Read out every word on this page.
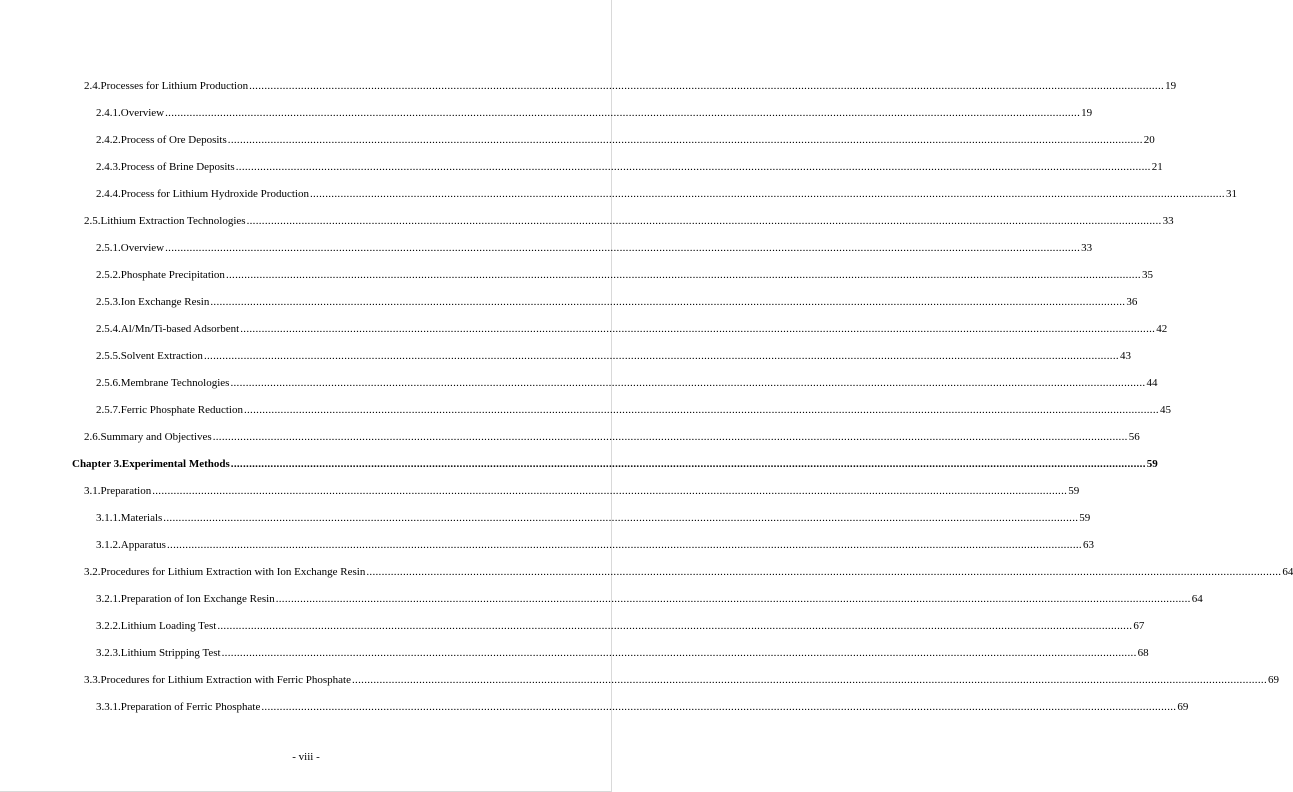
2.4. Processes for Lithium Production ............................................................................................................................................................................................................................................................................................................ 19
2.4.1. Overview ............................................................................................................................................................................................................................................................................................................ 19
2.4.2. Process of Ore Deposits ............................................................................................................................................................................................................................................................................................................ 20
2.4.3. Process of Brine Deposits ............................................................................................................................................................................................................................................................................................................ 21
2.4.4. Process for Lithium Hydroxide Production ............................................................................................................................................................................................................................................................................................................ 31
2.5. Lithium Extraction Technologies ............................................................................................................................................................................................................................................................................................................ 33
2.5.1. Overview ............................................................................................................................................................................................................................................................................................................ 33
2.5.2. Phosphate Precipitation ............................................................................................................................................................................................................................................................................................................ 35
2.5.3. Ion Exchange Resin ............................................................................................................................................................................................................................................................................................................ 36
2.5.4. Al/Mn/Ti-based Adsorbent ............................................................................................................................................................................................................................................................................................................ 42
2.5.5. Solvent Extraction ............................................................................................................................................................................................................................................................................................................ 43
2.5.6. Membrane Technologies ............................................................................................................................................................................................................................................................................................................ 44
2.5.7. Ferric Phosphate Reduction ............................................................................................................................................................................................................................................................................................................ 45
2.6. Summary and Objectives ............................................................................................................................................................................................................................................................................................................ 56
Chapter 3. Experimental Methods ............................................................................................................................................................................................................................................................................................................ 59
3.1. Preparation ............................................................................................................................................................................................................................................................................................................ 59
3.1.1. Materials ............................................................................................................................................................................................................................................................................................................ 59
3.1.2. Apparatus ............................................................................................................................................................................................................................................................................................................ 63
3.2. Procedures for Lithium Extraction with Ion Exchange Resin ............................................................................................................................................................................................................................................................................................................ 64
3.2.1. Preparation of Ion Exchange Resin ............................................................................................................................................................................................................................................................................................................ 64
3.2.2. Lithium Loading Test ............................................................................................................................................................................................................................................................................................................ 67
3.2.3. Lithium Stripping Test ............................................................................................................................................................................................................................................................................................................ 68
3.3. Procedures for Lithium Extraction with Ferric Phosphate ............................................................................................................................................................................................................................................................................................................ 69
3.3.1. Preparation of Ferric Phosphate ............................................................................................................................................................................................................................................................................................................ 69
- viii -
